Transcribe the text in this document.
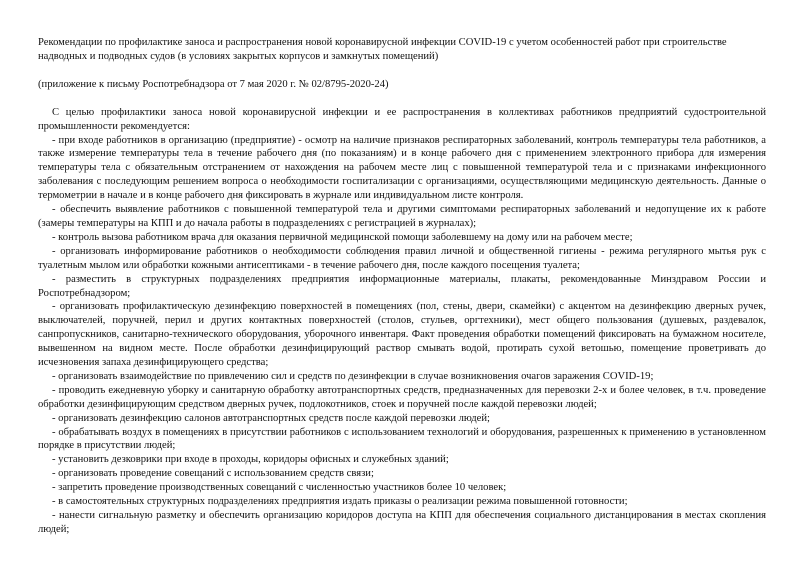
Рекомендации по профилактике заноса и распространения новой коронавирусной инфекции COVID-19 с учетом особенностей работ при строительстве надводных и подводных судов (в условиях закрытых корпусов и замкнутых помещений)

(приложение к письму Роспотребнадзора от 7 мая 2020 г. № 02/8795-2020-24)

С целью профилактики заноса новой коронавирусной инфекции и ее распространения в коллективах работников предприятий судостроительной промышленности рекомендуется:

- при входе работников в организацию (предприятие) - осмотр на наличие признаков респираторных заболеваний, контроль температуры тела работников, а также измерение температуры тела в течение рабочего дня (по показаниям) и в конце рабочего дня с применением электронного прибора для измерения температуры тела с обязательным отстранением от нахождения на рабочем месте лиц с повышенной температурой тела и с признаками инфекционного заболевания с последующим решением вопроса о необходимости госпитализации с организациями, осуществляющими медицинскую деятельность. Данные о термометрии в начале и в конце рабочего дня фиксировать в журнале или индивидуальном листе контроля.

- обеспечить выявление работников с повышенной температурой тела и другими симптомами респираторных заболеваний и недопущение их к работе (замеры температуры на КПП и до начала работы в подразделениях с регистрацией в журналах);

- контроль вызова работником врача для оказания первичной медицинской помощи заболевшему на дому или на рабочем месте;

- организовать информирование работников о необходимости соблюдения правил личной и общественной гигиены - режима регулярного мытья рук с туалетным мылом или обработки кожными антисептиками - в течение рабочего дня, после каждого посещения туалета;

- разместить в структурных подразделениях предприятия информационные материалы, плакаты, рекомендованные Минздравом России и Роспотребнадзором;

- организовать профилактическую дезинфекцию поверхностей в помещениях (пол, стены, двери, скамейки) с акцентом на дезинфекцию дверных ручек, выключателей, поручней, перил и других контактных поверхностей (столов, стульев, оргтехники), мест общего пользования (душевых, раздевалок, санпропускников, санитарно-технического оборудования, уборочного инвентаря. Факт проведения обработки помещений фиксировать на бумажном носителе, вывешенном на видном месте. После обработки дезинфицирующий раствор смывать водой, протирать сухой ветошью, помещение проветривать до исчезновения запаха дезинфицирующего средства;

- организовать взаимодействие по привлечению сил и средств по дезинфекции в случае возникновения очагов заражения COVID-19;

- проводить ежедневную уборку и санитарную обработку автотранспортных средств, предназначенных для перевозки 2-х и более человек, в т.ч. проведение обработки дезинфицирующим средством дверных ручек, подлокотников, стоек и поручней после каждой перевозки людей;

- организовать дезинфекцию салонов автотранспортных средств после каждой перевозки людей;

- обрабатывать воздух в помещениях в присутствии работников с использованием технологий и оборудования, разрешенных к применению в установленном порядке в присутствии людей;

- установить дезковрики при входе в проходы, коридоры офисных и служебных зданий;

- организовать проведение совещаний с использованием средств связи;

- запретить проведение производственных совещаний с численностью участников более 10 человек;

- в самостоятельных структурных подразделениях предприятия издать приказы о реализации режима повышенной готовности;

- нанести сигнальную разметку и обеспечить организацию коридоров доступа на КПП для обеспечения социального дистанцирования в местах скопления людей;
